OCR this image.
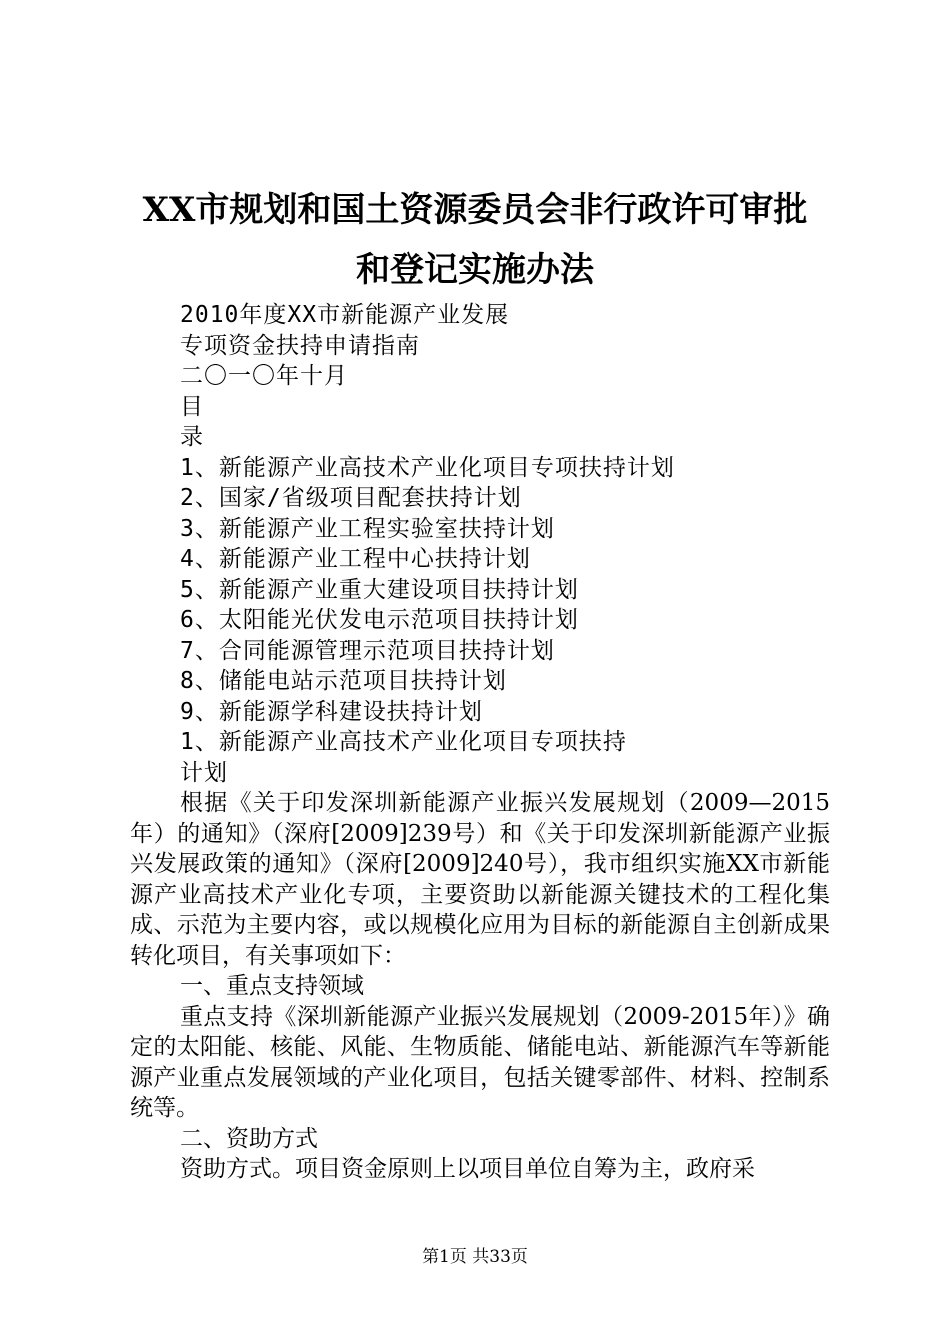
XX市规划和国土资源委员会非行政许可审批
和登记实施办法
2010年度XX市新能源产业发展
专项资金扶持申请指南
二〇一〇年十月
目
录
1、新能源产业高技术产业化项目专项扶持计划
2、国家/省级项目配套扶持计划
3、新能源产业工程实验室扶持计划
4、新能源产业工程中心扶持计划
5、新能源产业重大建设项目扶持计划
6、太阳能光伏发电示范项目扶持计划
7、合同能源管理示范项目扶持计划
8、储能电站示范项目扶持计划
9、新能源学科建设扶持计划
1、新能源产业高技术产业化项目专项扶持
计划

根据《关于印发深圳新能源产业振兴发展规划（2009—2015年）的通知》（深府[2009]239号）和《关于印发深圳新能源产业振兴发展政策的通知》（深府[2009]240号），我市组织实施XX市新能源产业高技术产业化专项，主要资助以新能源关键技术的工程化集成、示范为主要内容，或以规模化应用为目标的新能源自主创新成果转化项目，有关事项如下：

一、重点支持领域

重点支持《深圳新能源产业振兴发展规划（2009-2015年）》确定的太阳能、核能、风能、生物质能、储能电站、新能源汽车等新能源产业重点发展领域的产业化项目，包括关键零部件、材料、控制系统等。

二、资助方式

资助方式。项目资金原则上以项目单位自筹为主，政府采

第1页 共33页
